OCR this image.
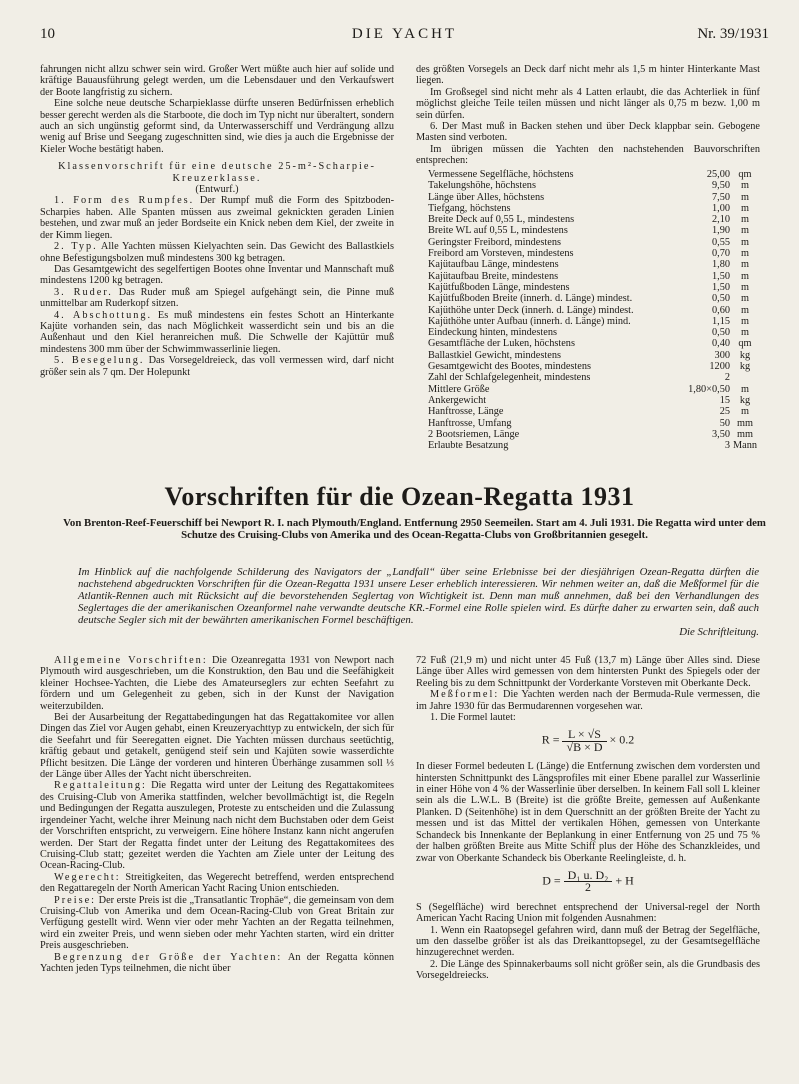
10	DIE YACHT	Nr. 39/1931

fahrungen nicht allzu schwer sein wird. Großer Wert müßte auch hier auf solide und kräftige Bauausführung gelegt werden, um die Lebensdauer und den Verkaufswert der Boote langfristig zu sichern.

Eine solche neue deutsche Scharpieklasse dürfte unseren Bedürfnissen erheblich besser gerecht werden als die Starboote, die doch im Typ nicht nur überaltert, sondern auch an sich ungünstig geformt sind, da Unterwasserschiff und Verdrängung allzu wenig auf Brise und Seegang zugeschnitten sind, wie dies ja auch die Ergebnisse der Kieler Woche bestätigt haben.

Klassenvorschrift für eine deutsche 25-m²-Scharpie-Kreuzerklasse.

(Entwurf.)

1. Form des Rumpfes. Der Rumpf muß die Form des Spitzboden-Scharpies haben. Alle Spanten müssen aus zweimal geknickten geraden Linien bestehen, und zwar muß an jeder Bordseite ein Knick neben dem Kiel, der zweite in der Kimm liegen.

2. Typ. Alle Yachten müssen Kielyachten sein. Das Gewicht des Ballastkiels ohne Befestigungsbolzen muß mindestens 300 kg betragen.

Das Gesamtgewicht des segelfertigen Bootes ohne Inventar und Mannschaft muß mindestens 1200 kg betragen.

3. Ruder. Das Ruder muß am Spiegel aufgehängt sein, die Pinne muß unmittelbar am Ruderkopf sitzen.

4. Abschottung. Es muß mindestens ein festes Schott an Hinterkante Kajüte vorhanden sein, das nach Möglichkeit wasserdicht sein und bis an die Außenhaut und den Kiel heranreichen muß. Die Schwelle der Kajüttür muß mindestens 300 mm über der Schwimmwasserlinie liegen.

5. Besegelung. Das Vorsegeldreieck, das voll vermessen wird, darf nicht größer sein als 7 qm. Der Holepunkt

des größten Vorsegels an Deck darf nicht mehr als 1,5 m hinter Hinterkante Mast liegen.

Im Großsegel sind nicht mehr als 4 Latten erlaubt, die das Achterliek in fünf möglichst gleiche Teile teilen müssen und nicht länger als 0,75 m bezw. 1,00 m sein dürfen.

6. Der Mast muß in Backen stehen und über Deck klappbar sein. Gebogene Masten sind verboten.

Im übrigen müssen die Yachten den nachstehenden Bauvorschriften entsprechen:

Vermessene Segelfläche, höchstens	25,00	qm
Takelungshöhe, höchstens	9,50	m
Länge über Alles, höchstens	7,50	m
Tiefgang, höchstens	1,00	m
Breite Deck auf 0,55 L, mindestens	2,10	m
Breite WL auf 0,55 L, mindestens	1,90	m
Geringster Freibord, mindestens	0,55	m
Freibord am Vorsteven, mindestens	0,70	m
Kajütaufbau Länge, mindestens	1,80	m
Kajütaufbau Breite, mindestens	1,50	m
Kajütfußboden Länge, mindestens	1,50	m
Kajütfußboden Breite (innerh. d. Länge) mindest.	0,50	m
Kajüthöhe unter Deck (innerh. d. Länge) mindest.	0,60	m
Kajüthöhe unter Aufbau (innerh. d. Länge) mind.	1,15	m
Eindeckung hinten, mindestens	0,50	m
Gesamtfläche der Luken, höchstens	0,40	qm
Ballastkiel Gewicht, mindestens	300	kg
Gesamtgewicht des Bootes, mindestens	1200	kg
Zahl der Schlafgelegenheit, mindestens	2	
Mittlere Größe	1,80×0,50	m
Ankergewicht	15	kg
Hanftrosse, Länge	25	m
Hanftrosse, Umfang	50	mm
2 Bootsriemen, Länge	3,50	mm
Erlaubte Besatzung	3	Mann
Vorschriften für die Ozean-Regatta 1931
Von Brenton-Reef-Feuerschiff bei Newport R. I. nach Plymouth/England. Entfernung 2950 Seemeilen. Start am 4. Juli 1931. Die Regatta wird unter dem Schutze des Cruising-Clubs von Amerika und des Ocean-Regatta-Clubs von Großbritannien gesegelt.
Im Hinblick auf die nachfolgende Schilderung des Navigators der „Landfall“ über seine Erlebnisse bei der diesjährigen Ozean-Regatta dürften die nachstehend abgedruckten Vorschriften für die Ozean-Regatta 1931 unsere Leser erheblich interessieren. Wir nehmen weiter an, daß die Meßformel für die Atlantik-Rennen auch mit Rücksicht auf die bevorstehenden Seglertag von Wichtigkeit ist. Denn man muß annehmen, daß bei den Verhandlungen des Seglertages die der amerikanischen Ozeanformel nahe verwandte deutsche KR.-Formel eine Rolle spielen wird. Es dürfte daher zu erwarten sein, daß auch deutsche Segler sich mit der bewährten amerikanischen Formel beschäftigen.
Die Schriftleitung.

Allgemeine Vorschriften: Die Ozeanregatta 1931 von Newport nach Plymouth wird ausgeschrieben, um die Konstruktion, den Bau und die Seefähigkeit kleiner Hochsee-Yachten, die Liebe des Amateurseglers zur echten Seefahrt zu fördern und um Gelegenheit zu geben, sich in der Kunst der Navigation weiterzubilden.

Bei der Ausarbeitung der Regattabedingungen hat das Regattakomitee vor allen Dingen das Ziel vor Augen gehabt, einen Kreuzeryachttyp zu entwickeln, der sich für die Seefahrt und für Seeregatten eignet. Die Yachten müssen durchaus seetüchtig, kräftig gebaut und getakelt, genügend steif sein und Kajüten sowie wasserdichte Pflicht besitzen. Die Länge der vorderen und hinteren Überhänge zusammen soll ⅓ der Länge über Alles der Yacht nicht überschreiten.

Regattaleitung: Die Regatta wird unter der Leitung des Regattakomitees des Cruising-Club von Amerika stattfinden, welcher bevollmächtigt ist, die Regeln und Bedingungen der Regatta auszulegen, Proteste zu entscheiden und die Zulassung irgendeiner Yacht, welche ihrer Meinung nach nicht dem Buchstaben oder dem Geist der Vorschriften entspricht, zu verweigern. Eine höhere Instanz kann nicht angerufen werden. Der Start der Regatta findet unter der Leitung des Regattakomitees des Cruising-Club statt; gezeitet werden die Yachten am Ziele unter der Leitung des Ocean-Racing-Club.

Wegerecht: Streitigkeiten, das Wegerecht betreffend, werden entsprechend den Regattaregeln der North American Yacht Racing Union entschieden.

Preise: Der erste Preis ist die „Transatlantic Trophäe“, die gemeinsam von dem Cruising-Club von Amerika und dem Ocean-Racing-Club von Great Britain zur Verfügung gestellt wird. Wenn vier oder mehr Yachten an der Regatta teilnehmen, wird ein zweiter Preis, und wenn sieben oder mehr Yachten starten, wird ein dritter Preis ausgeschrieben.

Begrenzung der Größe der Yachten: An der Regatta können Yachten jeden Typs teilnehmen, die nicht über

72 Fuß (21,9 m) und nicht unter 45 Fuß (13,7 m) Länge über Alles sind. Diese Länge über Alles wird gemessen von dem hintersten Punkt des Spiegels oder der Reeling bis zu dem Schnittpunkt der Vorderkante Vorsteven mit Oberkante Deck.

Meßformel: Die Yachten werden nach der Bermuda-Rule vermessen, die im Jahre 1930 für das Bermudarennen vorgesehen war.

1. Die Formel lautet:

$R = \frac{L \times √S}{√B \times D} \times 0.2$

In dieser Formel bedeuten L (Länge) die Entfernung zwischen dem vordersten und hintersten Schnittpunkt des Längsprofiles mit einer Ebene parallel zur Wasserlinie in einer Höhe von 4 % der Wasserlinie über derselben. In keinem Fall soll L kleiner sein als die L.W.L. B (Breite) ist die größte Breite, gemessen auf Außenkante Planken. D (Seitenhöhe) ist in dem Querschnitt an der größten Breite der Yacht zu messen und ist das Mittel der vertikalen Höhen, gemessen von Unterkante Schandeck bis Innenkante der Beplankung in einer Entfernung von 25 und 75 % der halben größten Breite aus Mitte Schiff plus der Höhe des Schanzkleides, und zwar von Oberkante Schandeck bis Oberkante Reelingleiste, d. h.

$D = \frac{\text{D₁ u. D₂}}{2} + H$

S (Segelfläche) wird berechnet entsprechend der Universal-regel der North American Yacht Racing Union mit folgenden Ausnahmen:

1. Wenn ein Raatopsegel gefahren wird, dann muß der Betrag der Segelfläche, um den dasselbe größer ist als das Dreikanttopsegel, zu der Gesamtsegelfläche hinzugerechnet werden.

2. Die Länge des Spinnakerbaums soll nicht größer sein, als die Grundbasis des Vorsegeldreiecks.
